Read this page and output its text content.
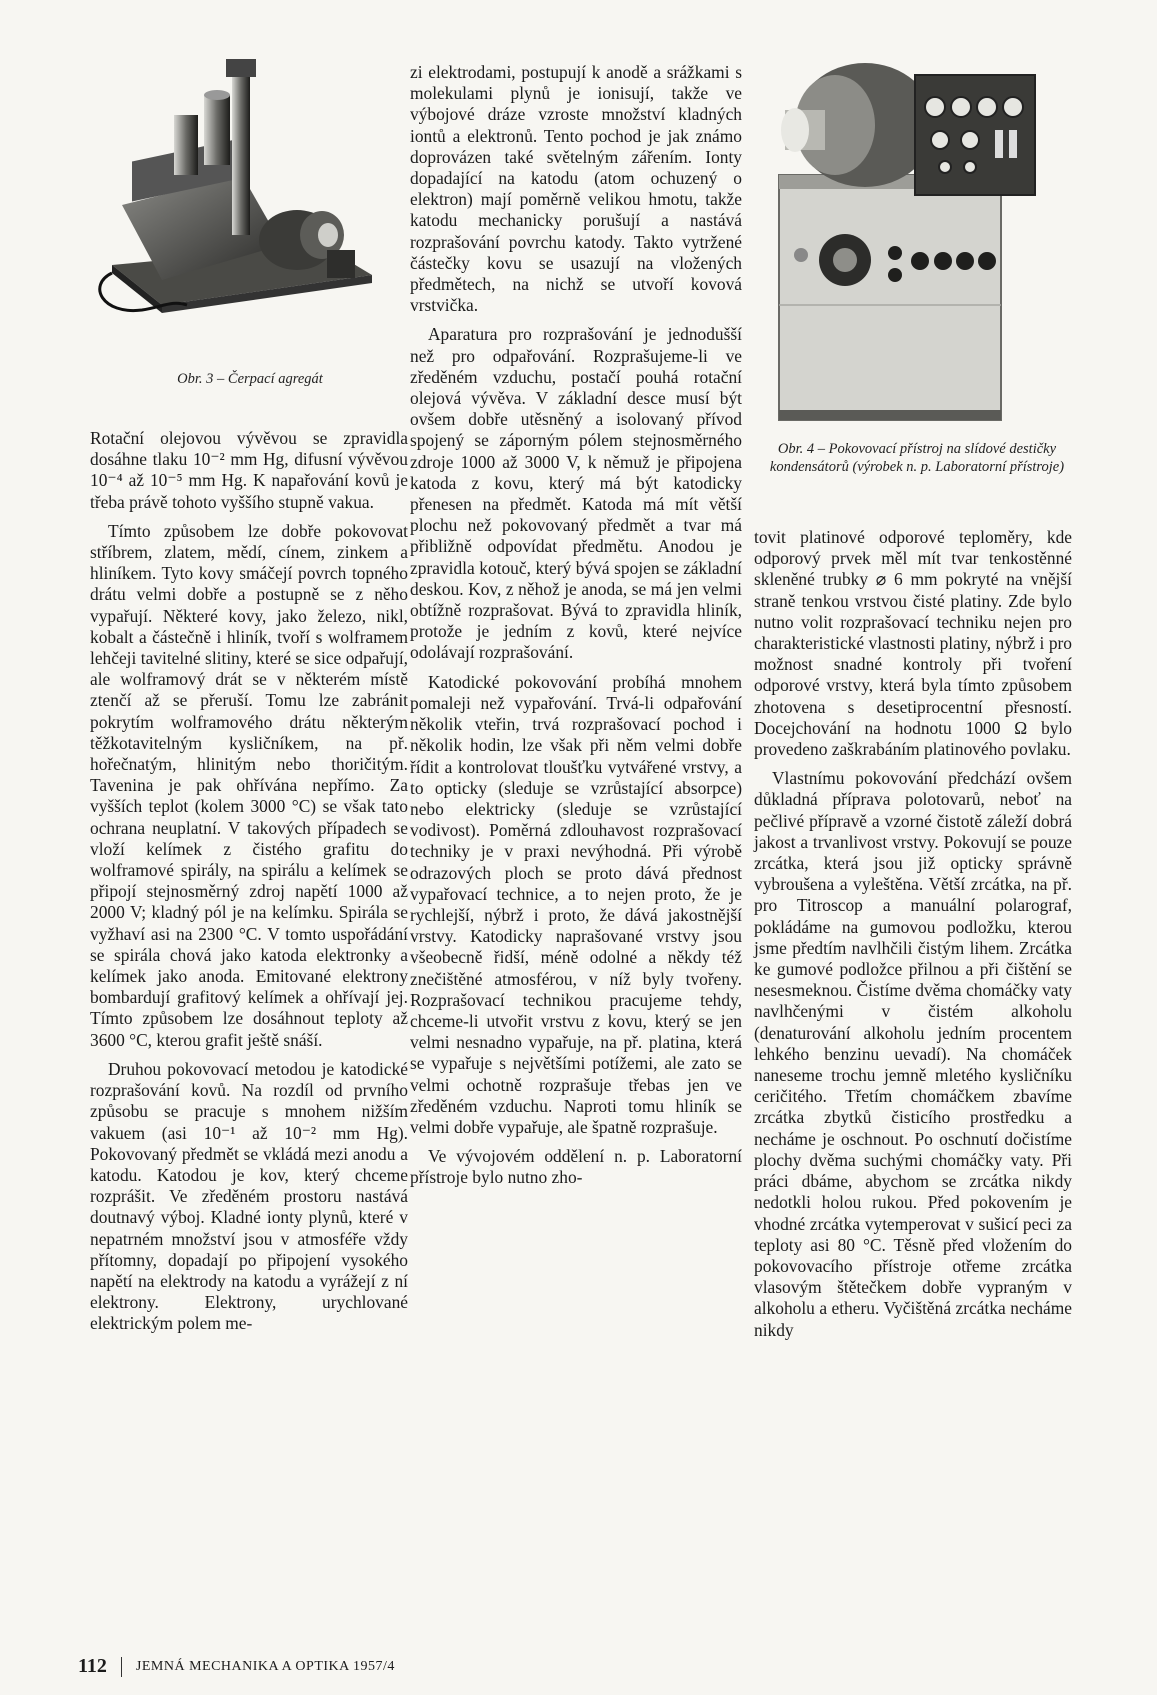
Obr. 3 – Čerpací agregát
Obr. 4 – Pokovovací přístroj na slídové destičky kondensátorů (výrobek n. p. Laboratorní přístroje)

Rotační olejovou vývěvou se zpravidla dosáhne tlaku 10⁻² mm Hg, difusní vývěvou 10⁻⁴ až 10⁻⁵ mm Hg. K napařování kovů je třeba právě tohoto vyššího stupně vakua.

Tímto způsobem lze dobře pokovovat stříbrem, zlatem, mědí, cínem, zinkem a hliníkem. Tyto kovy smáčejí povrch topného drátu velmi dobře a postupně se z něho vypařují. Některé kovy, jako železo, nikl, kobalt a částečně i hliník, tvoří s wolframem lehčeji tavitelné slitiny, které se sice odpařují, ale wolframový drát se v některém místě ztenčí až se přeruší. Tomu lze zabránit pokrytím wolframového drátu některým těžkotavitelným kysličníkem, na př. hořečnatým, hlinitým nebo thoričitým. Tavenina je pak ohřívána nepřímo. Za vyšších teplot (kolem 3000 °C) se však tato ochrana neuplatní. V takových případech se vloží kelímek z čistého grafitu do wolframové spirály, na spirálu a kelímek se připojí stejnosměrný zdroj napětí 1000 až 2000 V; kladný pól je na kelímku. Spirála se vyžhaví asi na 2300 °C. V tomto uspořádání se spirála chová jako katoda elektronky a kelímek jako anoda. Emitované elektrony bombardují grafitový kelímek a ohřívají jej. Tímto způsobem lze dosáhnout teploty až 3600 °C, kterou grafit ještě snáší.

Druhou pokovovací metodou je katodické rozprašování kovů. Na rozdíl od prvního způsobu se pracuje s mnohem nižším vakuem (asi 10⁻¹ až 10⁻² mm Hg). Pokovovaný předmět se vkládá mezi anodu a katodu. Katodou je kov, který chceme rozprášit. Ve zředěném prostoru nastává doutnavý výboj. Kladné ionty plynů, které v nepatrném množství jsou v atmosféře vždy přítomny, dopadají po připojení vysokého napětí na elektrody na katodu a vyrážejí z ní elektrony. Elektrony, urychlované elektrickým polem me-

zi elektrodami, postupují k anodě a srážkami s molekulami plynů je ionisují, takže ve výbojové dráze vzroste množství kladných iontů a elektronů. Tento pochod je jak známo doprovázen také světelným zářením. Ionty dopadající na katodu (atom ochuzený o elektron) mají poměrně velikou hmotu, takže katodu mechanicky porušují a nastává rozprašování povrchu katody. Takto vytržené částečky kovu se usazují na vložených předmětech, na nichž se utvoří kovová vrstvička.

Aparatura pro rozprašování je jednodušší než pro odpařování. Rozprašujeme-li ve zředěném vzduchu, postačí pouhá rotační olejová vývěva. V základní desce musí být ovšem dobře utěsněný a isolovaný přívod spojený se záporným pólem stejnosměrného zdroje 1000 až 3000 V, k němuž je připojena katoda z kovu, který má být katodicky přenesen na předmět. Katoda má mít větší plochu než pokovovaný předmět a tvar má přibližně odpovídat předmětu. Anodou je zpravidla kotouč, který bývá spojen se základní deskou. Kov, z něhož je anoda, se má jen velmi obtížně rozprašovat. Bývá to zpravidla hliník, protože je jedním z kovů, které nejvíce odolávají rozprašování.

Katodické pokovování probíhá mnohem pomaleji než vypařování. Trvá-li odpařování několik vteřin, trvá rozprašovací pochod i několik hodin, lze však při něm velmi dobře řídit a kontrolovat tloušťku vytvářené vrstvy, a to opticky (sleduje se vzrůstající absorpce) nebo elektricky (sleduje se vzrůstající vodivost). Poměrná zdlouhavost rozprašovací techniky je v praxi nevýhodná. Při výrobě odrazových ploch se proto dává přednost vypařovací technice, a to nejen proto, že je rychlejší, nýbrž i proto, že dává jakostnější vrstvy. Katodicky naprašované vrstvy jsou všeobecně řidší, méně odolné a někdy též znečištěné atmosférou, v níž byly tvořeny. Rozprašovací technikou pracujeme tehdy, chceme-li utvořit vrstvu z kovu, který se jen velmi nesnadno vypařuje, na př. platina, která se vypařuje s největšími potížemi, ale zato se velmi ochotně rozprašuje třebas jen ve zředěném vzduchu. Naproti tomu hliník se velmi dobře vypařuje, ale špatně rozprašuje.

Ve vývojovém oddělení n. p. Laboratorní přístroje bylo nutno zho-

tovit platinové odporové teploměry, kde odporový prvek měl mít tvar tenkostěnné skleněné trubky ⌀ 6 mm pokryté na vnější straně tenkou vrstvou čisté platiny. Zde bylo nutno volit rozprašovací techniku nejen pro charakteristické vlastnosti platiny, nýbrž i pro možnost snadné kontroly při tvoření odporové vrstvy, která byla tímto způsobem zhotovena s desetiprocentní přesností. Docejchování na hodnotu 1000 Ω bylo provedeno zaškrabáním platinového povlaku.

Vlastnímu pokovování předchází ovšem důkladná příprava polotovarů, neboť na pečlivé přípravě a vzorné čistotě záleží dobrá jakost a trvanlivost vrstvy. Pokovují se pouze zrcátka, která jsou již opticky správně vybroušena a vyleštěna. Větší zrcátka, na př. pro Titroscop a manuální polarograf, pokládáme na gumovou podložku, kterou jsme předtím navlhčili čistým lihem. Zrcátka ke gumové podložce přilnou a při čištění se nesesmeknou. Čistíme dvěma chomáčky vaty navlhčenými v čistém alkoholu (denaturování alkoholu jedním procentem lehkého benzinu uevadí). Na chomáček naneseme trochu jemně mletého kysličníku ceričitého. Třetím chomáčkem zbavíme zrcátka zbytků čisticího prostředku a necháme je oschnout. Po oschnutí dočistíme plochy dvěma suchými chomáčky vaty. Při práci dbáme, abychom se zrcátka nikdy nedotkli holou rukou. Před pokovením je vhodné zrcátka vytemperovat v sušicí peci za teploty asi 80 °C. Těsně před vložením do pokovovacího přístroje otřeme zrcátka vlasovým štětečkem dobře vypraným v alkoholu a etheru. Vyčištěná zrcátka necháme nikdy

112 JEMNÁ MECHANIKA A OPTIKA 1957/4
